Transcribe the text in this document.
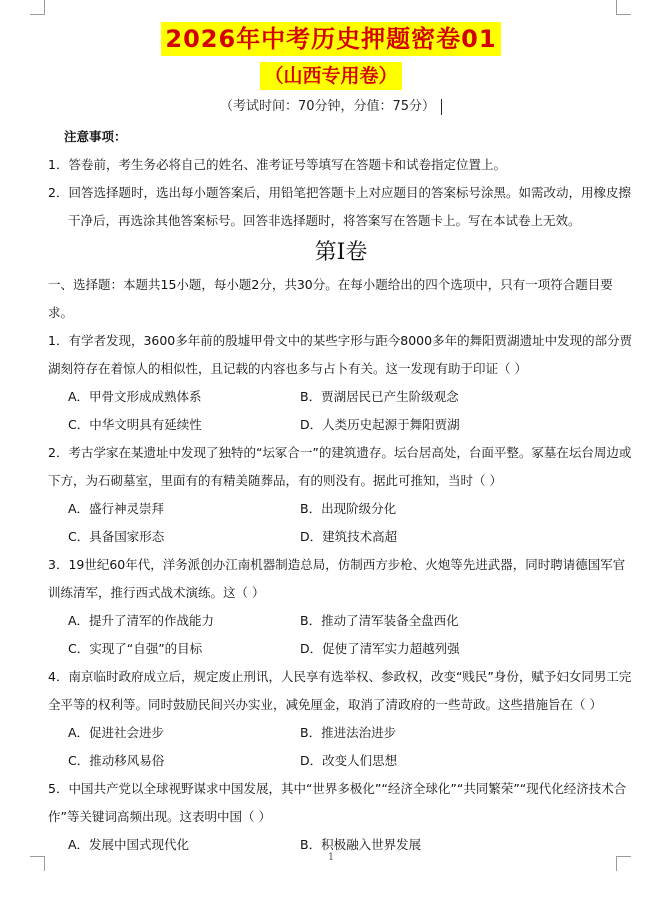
2026年中考历史押题密卷01
（山西专用卷）
（考试时间：70分钟，分值：75分）

注意事项：

1．答卷前，考生务必将自己的姓名、准考证号等填写在答题卡和试卷指定位置上。

2．回答选择题时，选出每小题答案后，用铅笔把答题卡上对应题目的答案标号涂黑。如需改动，用橡皮擦干净后，再选涂其他答案标号。回答非选择题时，将答案写在答题卡上。写在本试卷上无效。

第Ⅰ卷

一、选择题：本题共15小题，每小题2分，共30分。在每小题给出的四个选项中，只有一项符合题目要求。

1．有学者发现，3600多年前的殷墟甲骨文中的某些字形与距今8000多年的舞阳贾湖遗址中发现的部分贾湖刻符存在着惊人的相似性，且记载的内容也多与占卜有关。这一发现有助于印证（ ）

A．甲骨文形成成熟体系	B．贾湖居民已产生阶级观念
C．中华文明具有延续性	D．人类历史起源于舞阳贾湖

2．考古学家在某遗址中发现了独特的“坛冢合一”的建筑遗存。坛台居高处，台面平整。冢墓在坛台周边或下方，为石砌墓室，里面有的有精美随葬品，有的则没有。据此可推知，当时（ ）

A．盛行神灵崇拜	B．出现阶级分化
C．具备国家形态	D．建筑技术高超

3．19世纪60年代，洋务派创办江南机器制造总局，仿制西方步枪、火炮等先进武器，同时聘请德国军官训练清军，推行西式战术演练。这（ ）

A．提升了清军的作战能力	B．推动了清军装备全盘西化
C．实现了“自强”的目标	D．促使了清军实力超越列强

4．南京临时政府成立后，规定废止刑讯，人民享有选举权、参政权，改变“贱民”身份，赋予妇女同男工完全平等的权利等。同时鼓励民间兴办实业，减免厘金，取消了清政府的一些苛政。这些措施旨在（ ）

A．促进社会进步	B．推进法治进步
C．推动移风易俗	D．改变人们思想

5．中国共产党以全球视野谋求中国发展，其中“世界多极化”“经济全球化”“共同繁荣”“现代化经济技术合作”等关键词高频出现。这表明中国（ ）

A．发展中国式现代化	B．积极融入世界发展
1
